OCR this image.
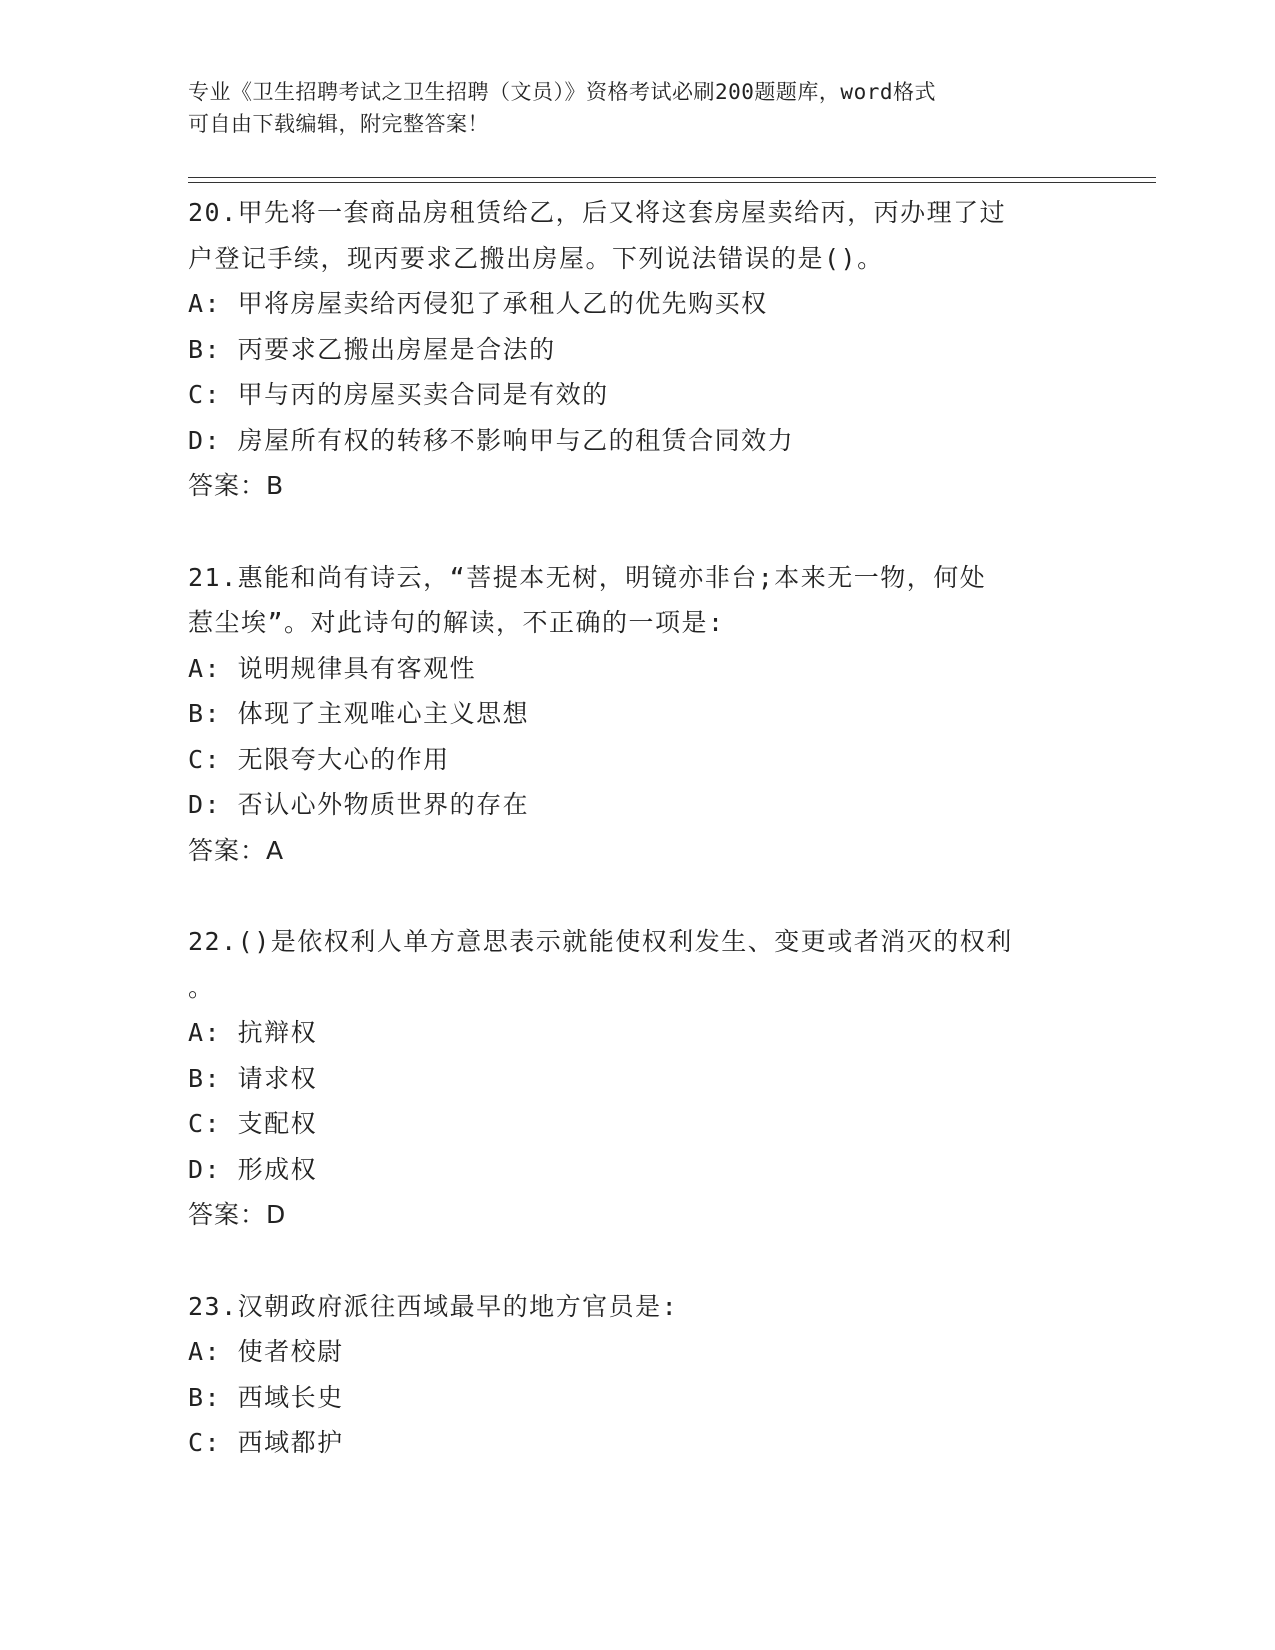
专业《卫生招聘考试之卫生招聘（文员）》资格考试必刷200题题库，word格式
可自由下载编辑，附完整答案！
20.甲先将一套商品房租赁给乙，后又将这套房屋卖给丙，丙办理了过
户登记手续，现丙要求乙搬出房屋。下列说法错误的是()。
A: 甲将房屋卖给丙侵犯了承租人乙的优先购买权
B: 丙要求乙搬出房屋是合法的
C: 甲与丙的房屋买卖合同是有效的
D: 房屋所有权的转移不影响甲与乙的租赁合同效力
答案：B
21.惠能和尚有诗云，“菩提本无树，明镜亦非台;本来无一物，何处
惹尘埃”。对此诗句的解读，不正确的一项是:
A: 说明规律具有客观性
B: 体现了主观唯心主义思想
C: 无限夸大心的作用
D: 否认心外物质世界的存在
答案：A
22.()是依权利人单方意思表示就能使权利发生、变更或者消灭的权利
。
A: 抗辩权
B: 请求权
C: 支配权
D: 形成权
答案：D
23.汉朝政府派往西域最早的地方官员是:
A: 使者校尉
B: 西域长史
C: 西域都护
